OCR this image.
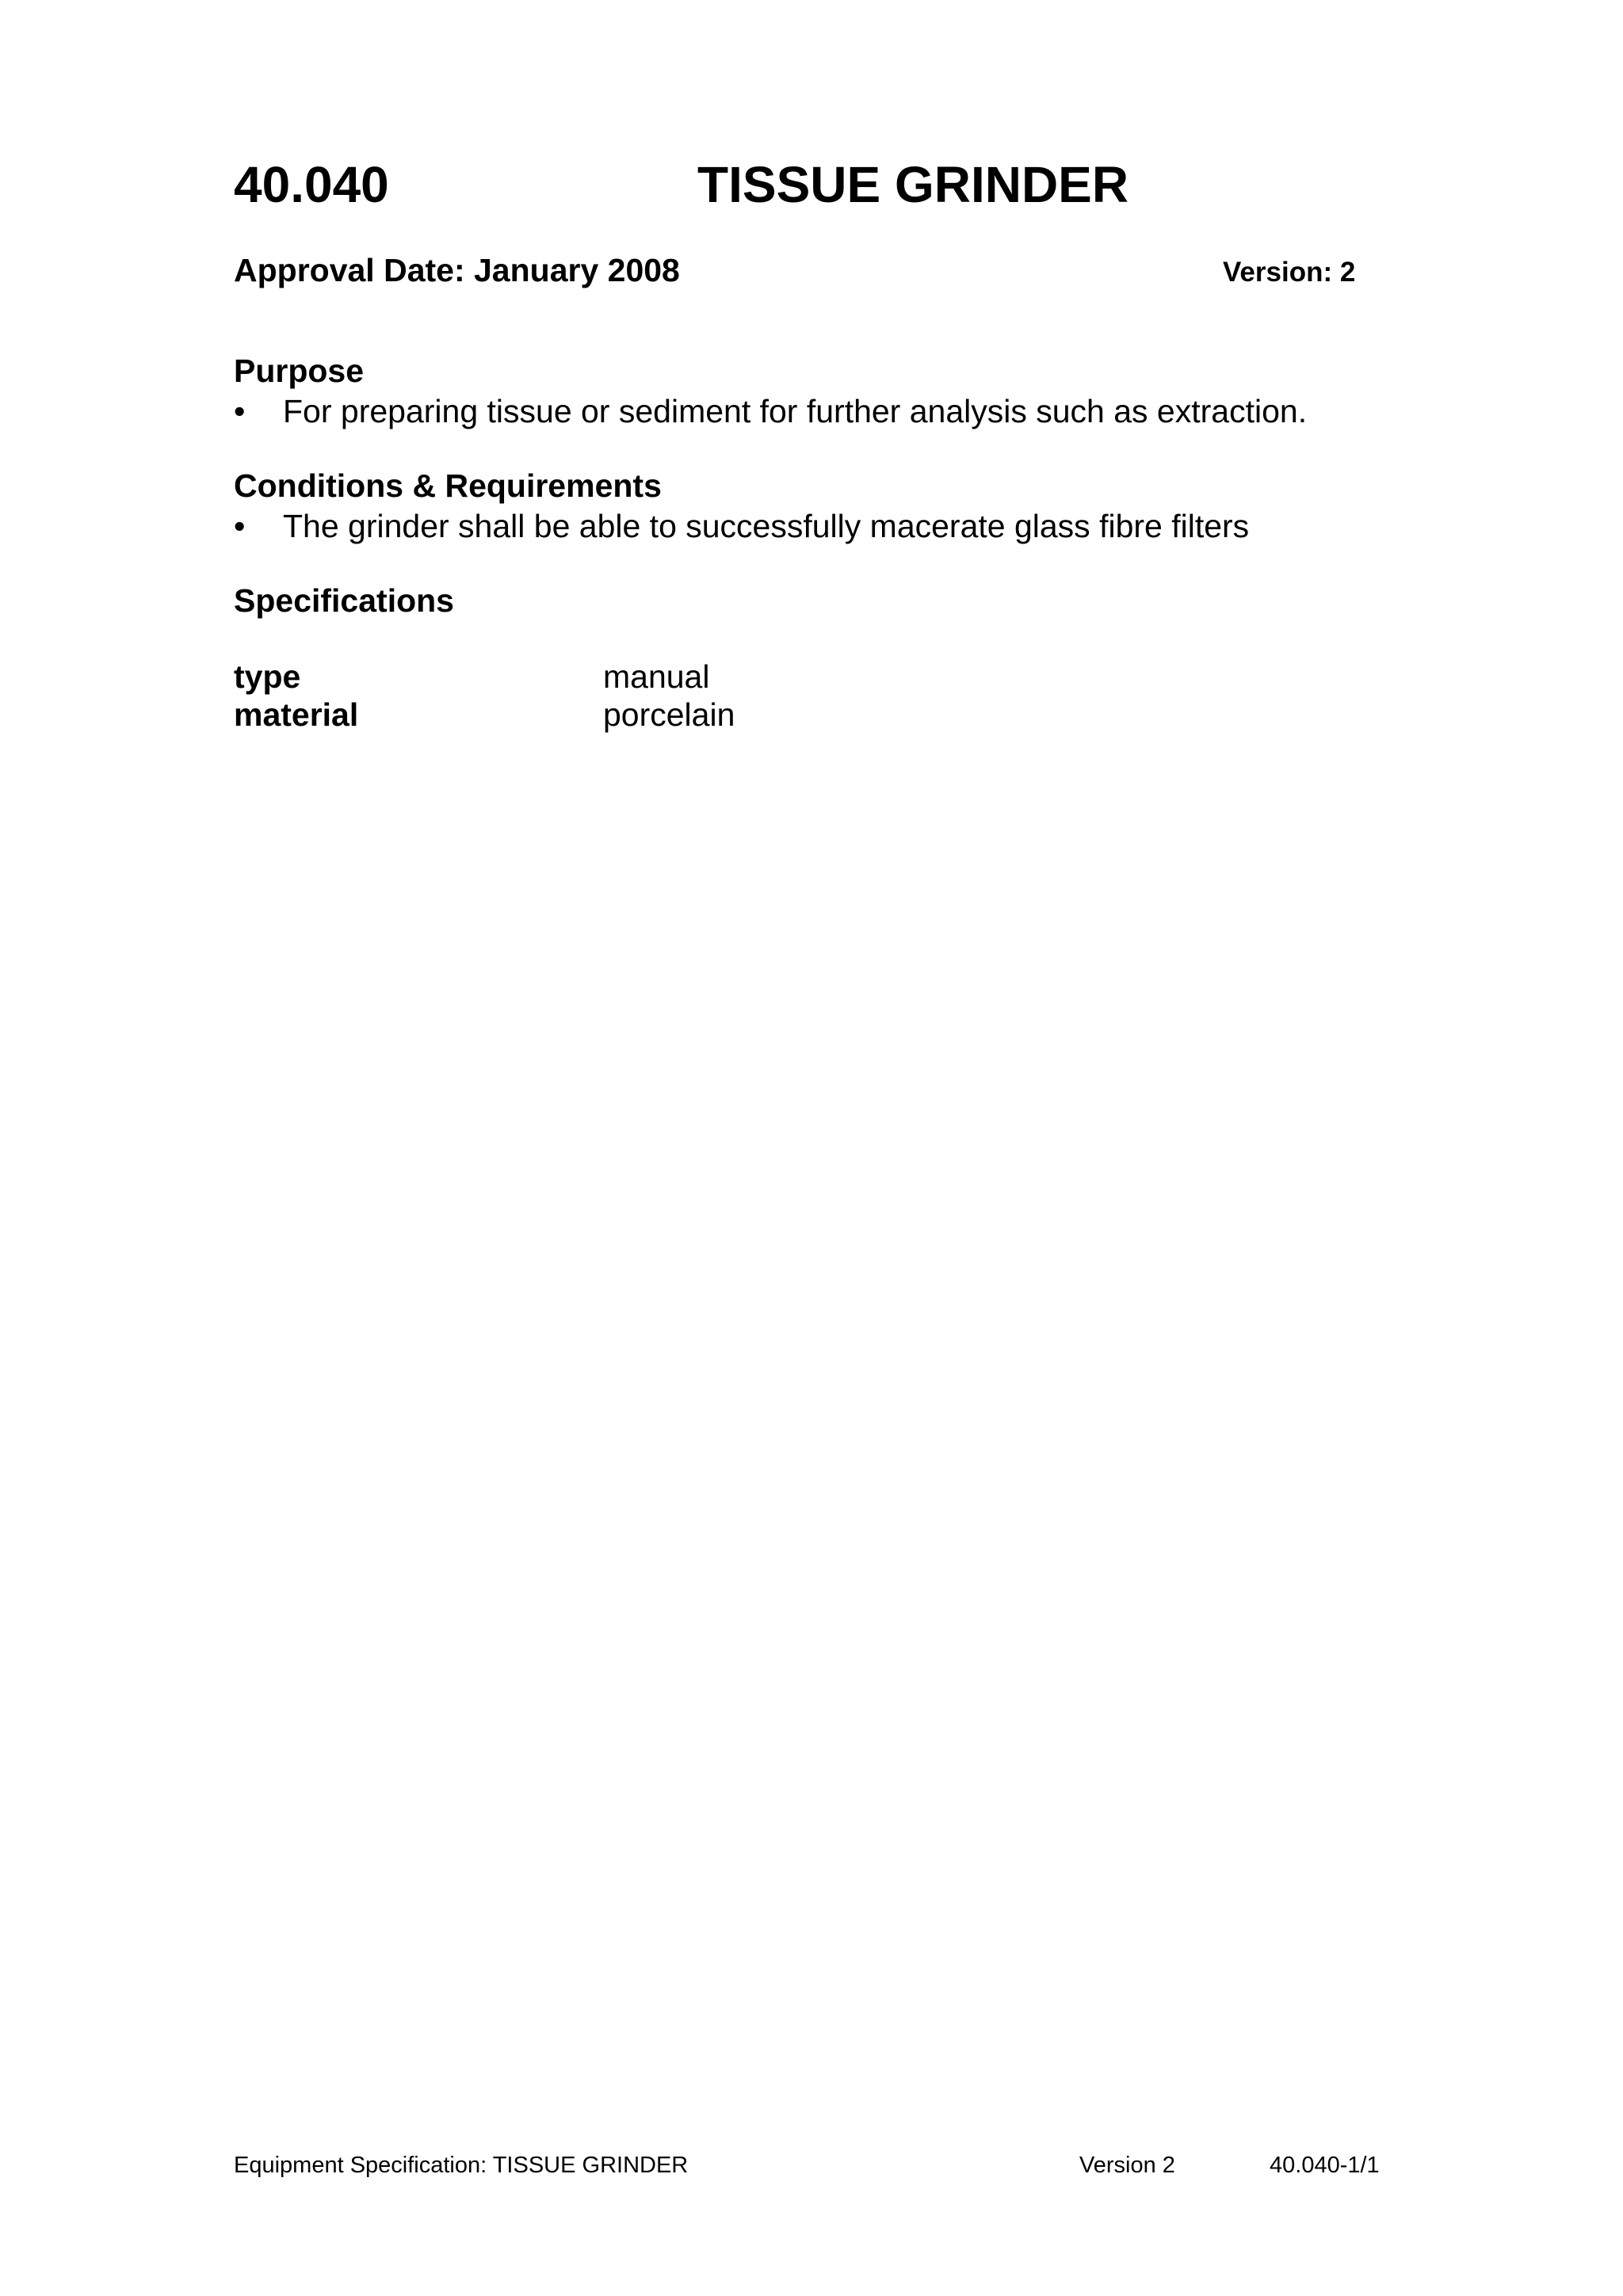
40.040	TISSUE GRINDER
Approval Date: January 2008	Version: 2
Purpose
• For preparing tissue or sediment for further analysis such as extraction.
Conditions & Requirements
• The grinder shall be able to successfully macerate glass fibre filters
Specifications
type	manual
material	porcelain
Equipment Specification: TISSUE GRINDER	Version 2	40.040-1/1
